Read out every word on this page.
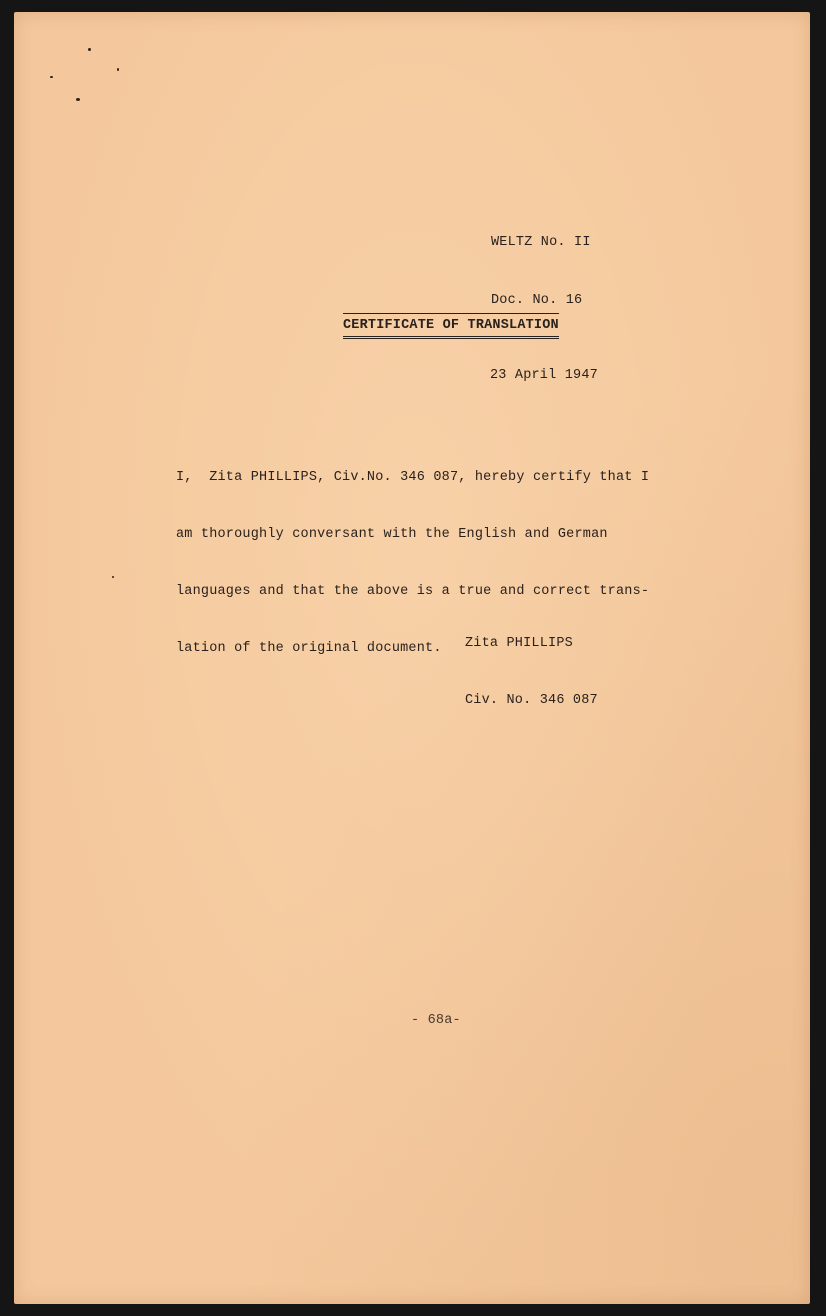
WELTZ No. II

Doc. No. 16

CERTIFICATE OF TRANSLATION
23 April 1947

I,  Zita PHILLIPS, Civ.No. 346 087, hereby certify that I

am thoroughly conversant with the English and German

languages and that the above is a true and correct trans-

lation of the original document.

	Zita PHILLIPS

Civ. No. 346 087

- 68a-
